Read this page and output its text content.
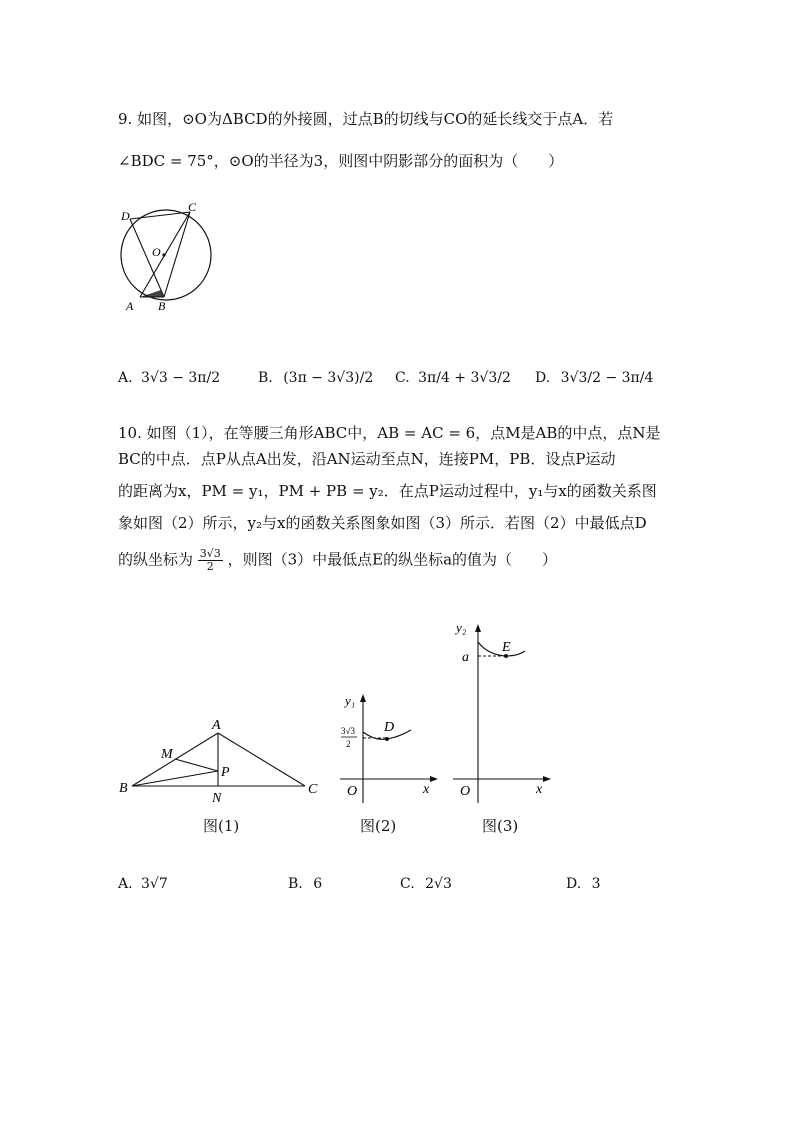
9. 如图，⊙O为ΔBCD的外接圆，过点B的切线与CO的延长线交于点A．若
∠BDC = 75°，⊙O的半径为3，则图中阴影部分的面积为（　　）
C
D
O
A B
A. 3√3 − 3π/2	B. (3π − 3√3)/2 C. 3π/4 + 3√3/2 D. 3√3/2 − 3π/4
10. 如图（1），在等腰三角形ABC中，AB = AC = 6，点M是AB的中点，点N是
BC的中点．点P从点A出发，沿AN运动至点N，连接PM，PB．设点P运动
的距离为x，PM = y₁，PM + PB = y₂．在点P运动过程中，y₁与x的函数关系图
象如图（2）所示，y₂与x的函数关系图象如图（3）所示．若图（2）中最低点D
的纵坐标为 $\frac{3√3}{2}$ ，则图（3）中最低点E的纵坐标a的值为（　　）
A
B	C
M
N
P
图(1)
y₁
D
O	x
3√3
2
图(2)
y₂
E
a
O	x
图(3)
A. 3√7	B. 6	C. 2√3	D. 3
